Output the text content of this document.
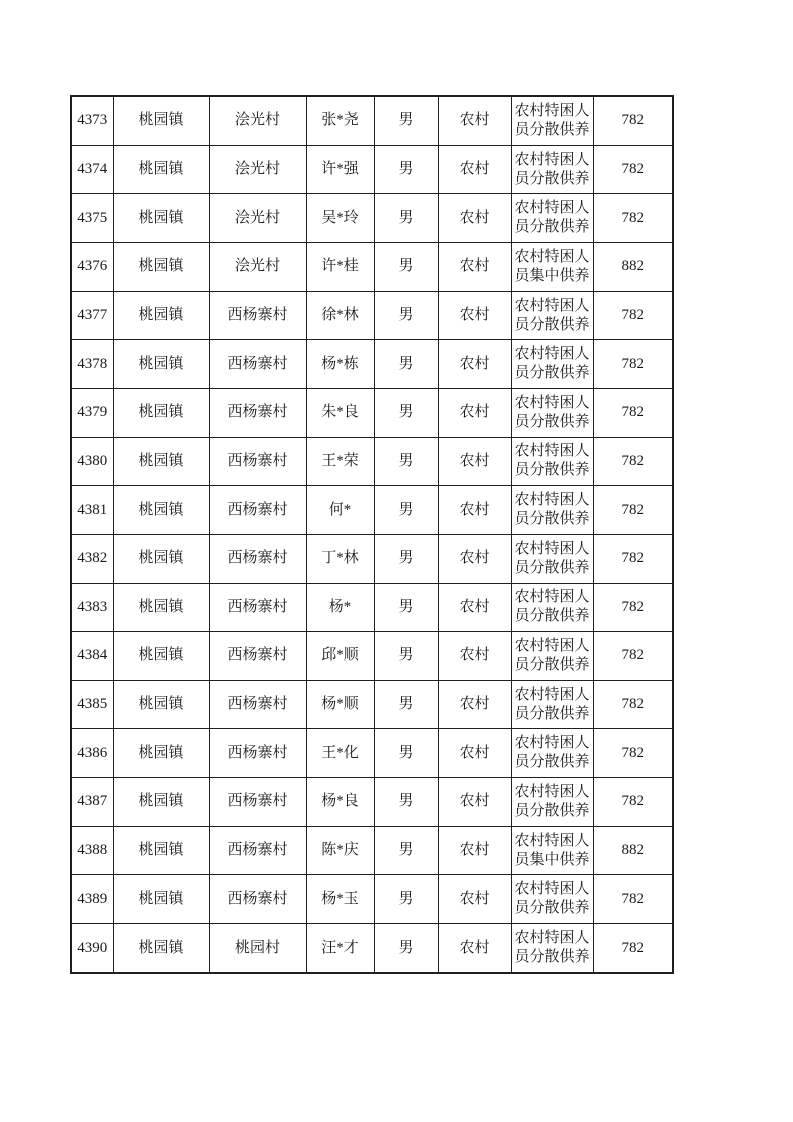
4373	桃园镇	浍光村	张*尧	男	农村	农村特困人员分散供养	782
4374	桃园镇	浍光村	许*强	男	农村	农村特困人员分散供养	782
4375	桃园镇	浍光村	吴*玲	男	农村	农村特困人员分散供养	782
4376	桃园镇	浍光村	许*桂	男	农村	农村特困人员集中供养	882
4377	桃园镇	西杨寨村	徐*林	男	农村	农村特困人员分散供养	782
4378	桃园镇	西杨寨村	杨*栋	男	农村	农村特困人员分散供养	782
4379	桃园镇	西杨寨村	朱*良	男	农村	农村特困人员分散供养	782
4380	桃园镇	西杨寨村	王*荣	男	农村	农村特困人员分散供养	782
4381	桃园镇	西杨寨村	何*	男	农村	农村特困人员分散供养	782
4382	桃园镇	西杨寨村	丁*林	男	农村	农村特困人员分散供养	782
4383	桃园镇	西杨寨村	杨*	男	农村	农村特困人员分散供养	782
4384	桃园镇	西杨寨村	邱*顺	男	农村	农村特困人员分散供养	782
4385	桃园镇	西杨寨村	杨*顺	男	农村	农村特困人员分散供养	782
4386	桃园镇	西杨寨村	王*化	男	农村	农村特困人员分散供养	782
4387	桃园镇	西杨寨村	杨*良	男	农村	农村特困人员分散供养	782
4388	桃园镇	西杨寨村	陈*庆	男	农村	农村特困人员集中供养	882
4389	桃园镇	西杨寨村	杨*玉	男	农村	农村特困人员分散供养	782
4390	桃园镇	桃园村	汪*才	男	农村	农村特困人员分散供养	782
